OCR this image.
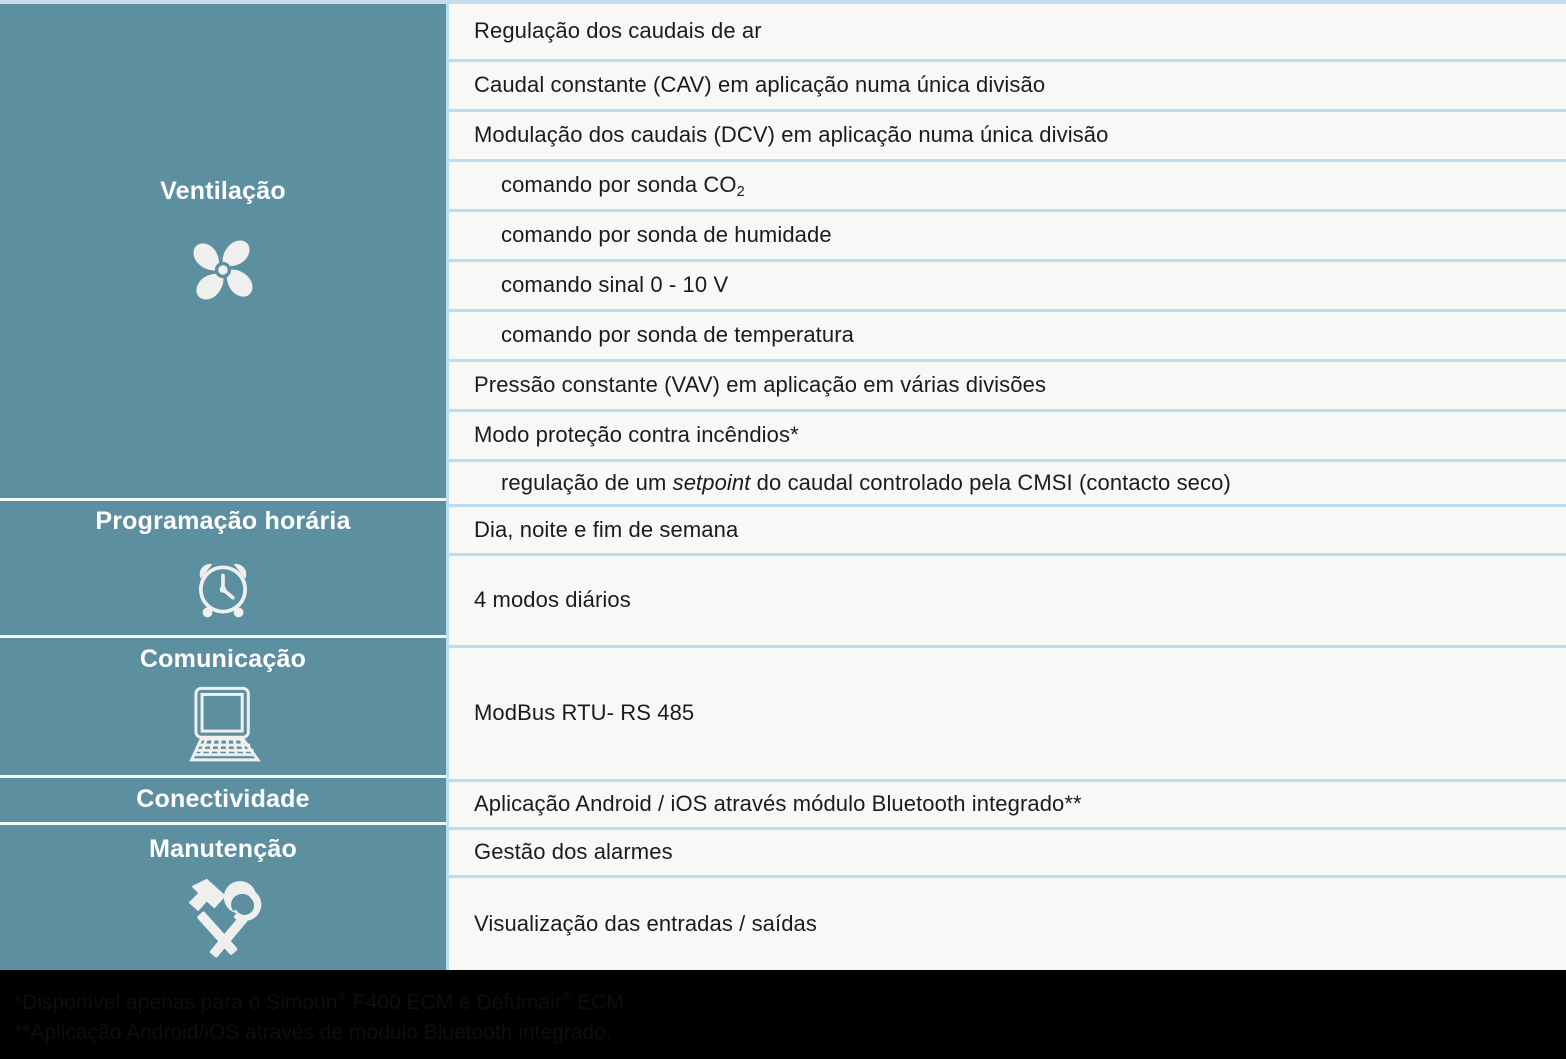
Ventilação
Programação horária
Comunicação
Conectividade
Manutenção
Regulação dos caudais de ar
Caudal constante (CAV) em aplicação numa única divisão
Modulação dos caudais (DCV) em aplicação numa única divisão
comando por sonda $CO_2$
comando por sonda de humidade
comando sinal 0 - 10 V
comando por sonda de temperatura
Pressão constante (VAV) em aplicação em várias divisões
Modo proteção contra incêndios*
regulação de um setpoint do caudal controlado pela CMSI (contacto seco)
Dia, noite e fim de semana
4 modos diários
ModBus RTU- RS 485
Aplicação Android / iOS através módulo Bluetooth integrado**
Gestão dos alarmes
Visualização das entradas / saídas
*Disponível apenas para o Simoun® F400 ECM e Défumair® ECM.
**Aplicação Android/iOS através de módulo Bluetooth integrado.
